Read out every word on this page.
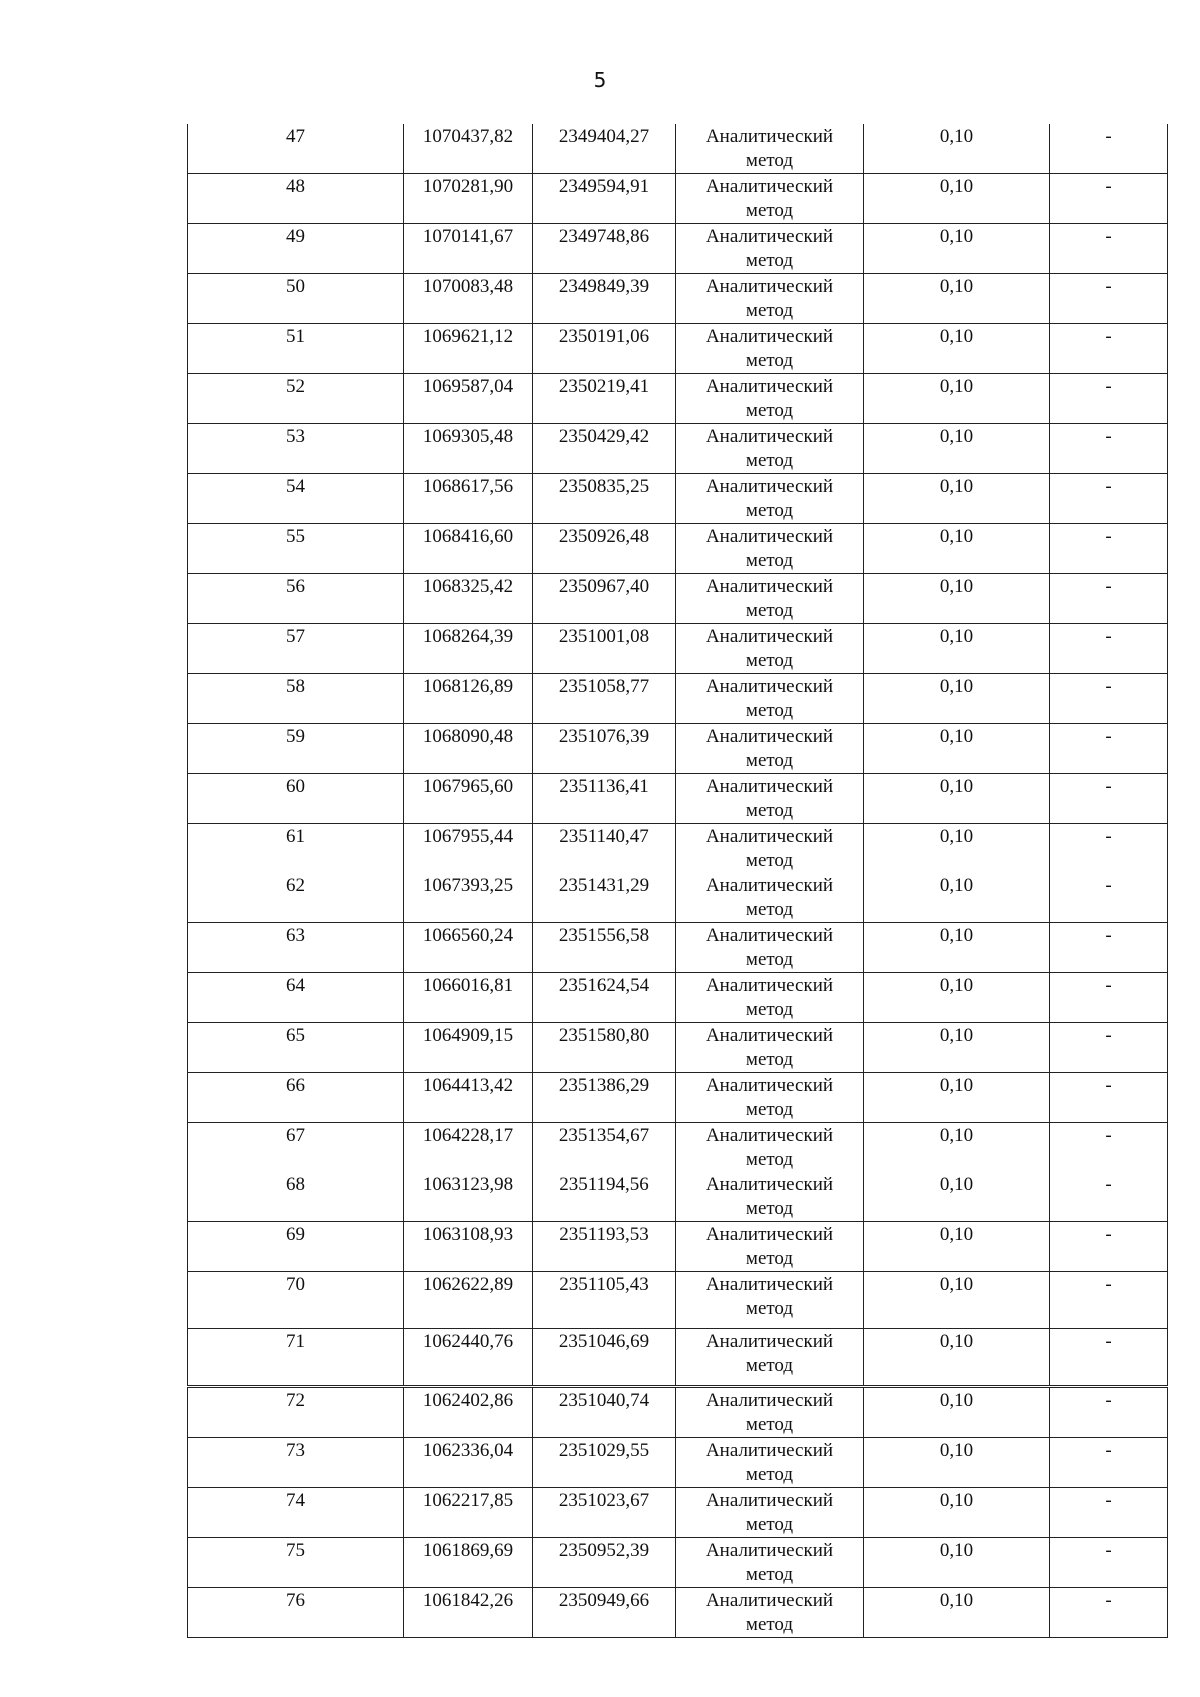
5
47	1070437,82	2349404,27	Аналитический метод	0,10	-
48	1070281,90	2349594,91	Аналитический метод	0,10	-
49	1070141,67	2349748,86	Аналитический метод	0,10	-
50	1070083,48	2349849,39	Аналитический метод	0,10	-
51	1069621,12	2350191,06	Аналитический метод	0,10	-
52	1069587,04	2350219,41	Аналитический метод	0,10	-
53	1069305,48	2350429,42	Аналитический метод	0,10	-
54	1068617,56	2350835,25	Аналитический метод	0,10	-
55	1068416,60	2350926,48	Аналитический метод	0,10	-
56	1068325,42	2350967,40	Аналитический метод	0,10	-
57	1068264,39	2351001,08	Аналитический метод	0,10	-
58	1068126,89	2351058,77	Аналитический метод	0,10	-
59	1068090,48	2351076,39	Аналитический метод	0,10	-
60	1067965,60	2351136,41	Аналитический метод	0,10	-
61	1067955,44	2351140,47	Аналитический метод	0,10	-
62	1067393,25	2351431,29	Аналитический метод	0,10	-
63	1066560,24	2351556,58	Аналитический метод	0,10	-
64	1066016,81	2351624,54	Аналитический метод	0,10	-
65	1064909,15	2351580,80	Аналитический метод	0,10	-
66	1064413,42	2351386,29	Аналитический метод	0,10	-
67	1064228,17	2351354,67	Аналитический метод	0,10	-
68	1063123,98	2351194,56	Аналитический метод	0,10	-
69	1063108,93	2351193,53	Аналитический метод	0,10	-
70	1062622,89	2351105,43	Аналитический метод	0,10	-
71	1062440,76	2351046,69	Аналитический метод	0,10	-
72	1062402,86	2351040,74	Аналитический метод	0,10	-
73	1062336,04	2351029,55	Аналитический метод	0,10	-
74	1062217,85	2351023,67	Аналитический метод	0,10	-
75	1061869,69	2350952,39	Аналитический метод	0,10	-
76	1061842,26	2350949,66	Аналитический метод	0,10	-
